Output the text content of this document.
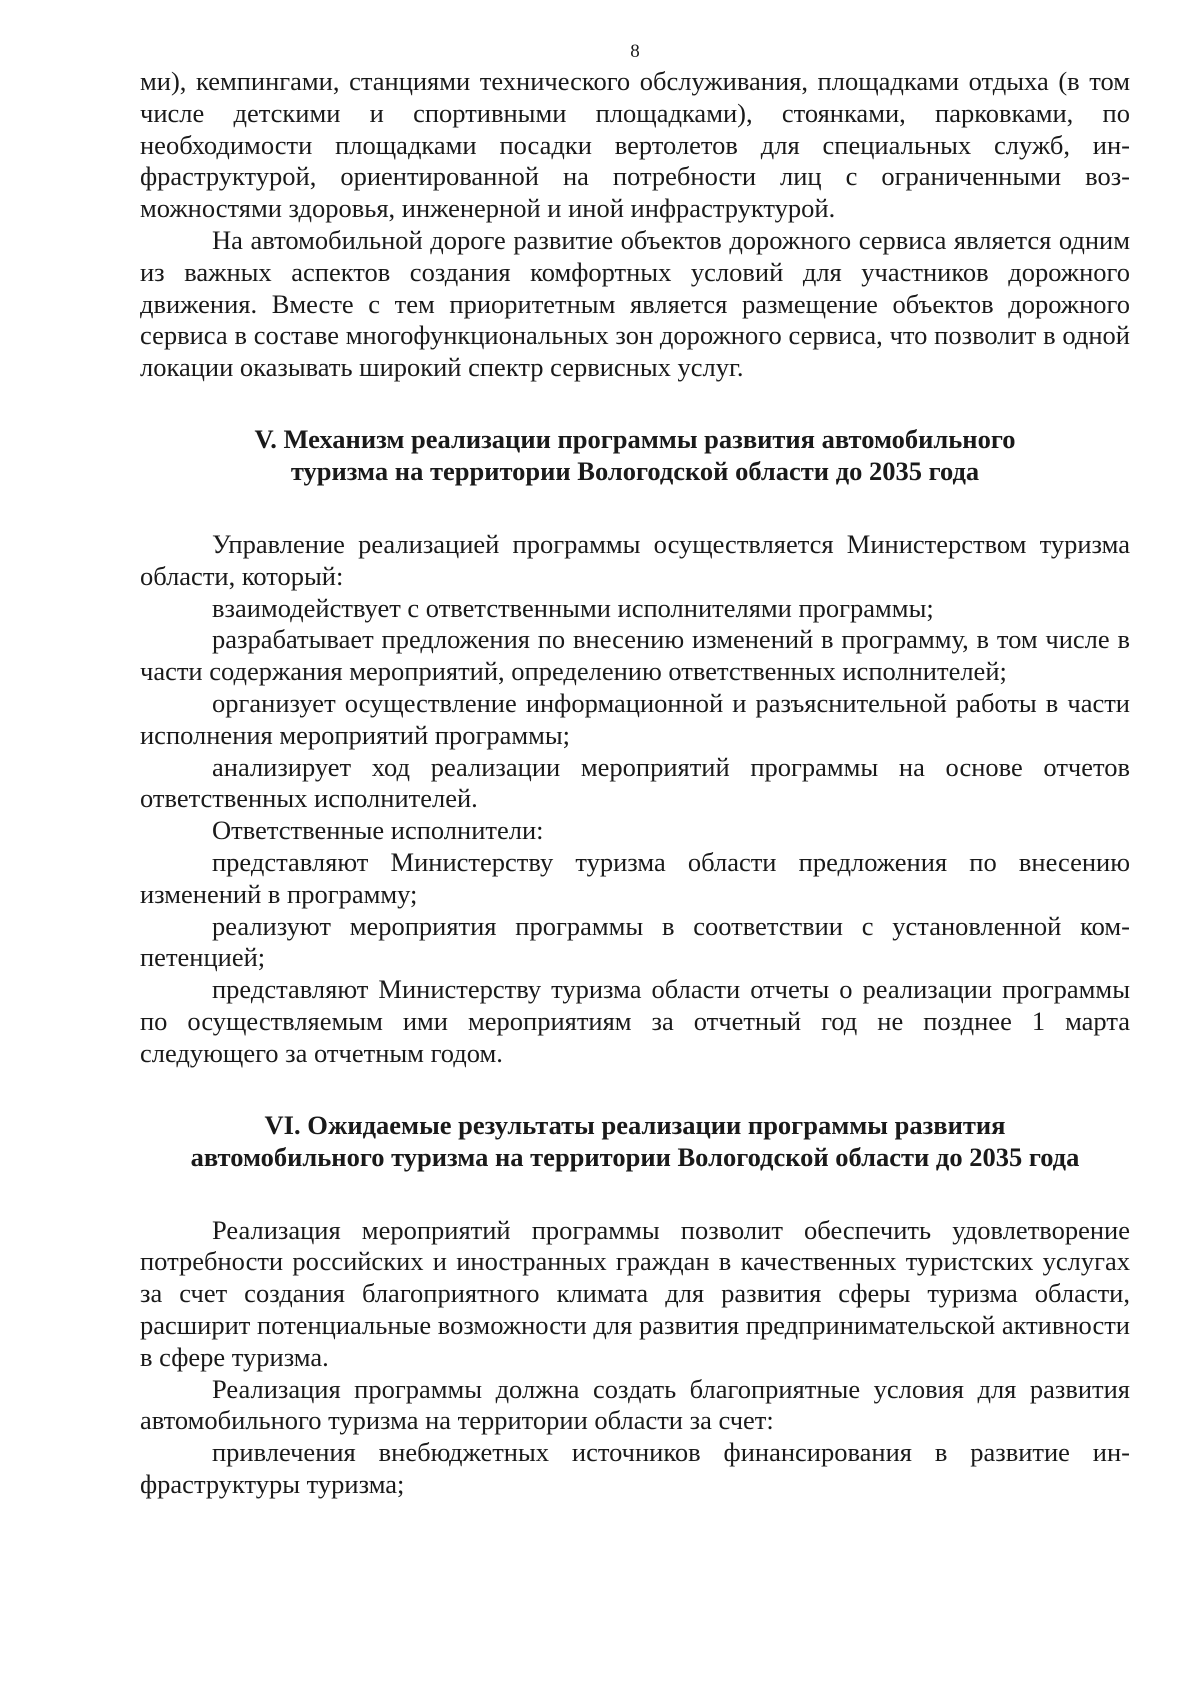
8

ми), кемпингами, станциями технического обслуживания, площадками отдыха (в том числе детскими и спортивными площадками), стоянками, парковками, по необходимости площадками посадки вертолетов для специальных служб, инфраструктурой, ориентированной на потребности лиц с ограниченными возможностями здоровья, инженерной и иной инфраструктурой.

На автомобильной дороге развитие объектов дорожного сервиса является одним из важных аспектов создания комфортных условий для участников дорожного движения. Вместе с тем приоритетным является размещение объектов дорожного сервиса в составе многофункциональных зон дорожного сервиса, что позволит в одной локации оказывать широкий спектр сервисных услуг.

V. Механизм реализации программы развития автомобильного

туризма на территории Вологодской области до 2035 года

Управление реализацией программы осуществляется Министерством туризма области, который:

взаимодействует с ответственными исполнителями программы;

разрабатывает предложения по внесению изменений в программу, в том числе в части содержания мероприятий, определению ответственных исполнителей;

организует осуществление информационной и разъяснительной работы в части исполнения мероприятий программы;

анализирует ход реализации мероприятий программы на основе отчетов ответственных исполнителей.

Ответственные исполнители:

представляют Министерству туризма области предложения по внесению изменений в программу;

реализуют мероприятия программы в соответствии с установленной компетенцией;

представляют Министерству туризма области отчеты о реализации программы по осуществляемым ими мероприятиям за отчетный год не позднее 1 марта следующего за отчетным годом.

VI. Ожидаемые результаты реализации программы развития

автомобильного туризма на территории Вологодской области до 2035 года

Реализация мероприятий программы позволит обеспечить удовлетворение потребности российских и иностранных граждан в качественных туристских услугах за счет создания благоприятного климата для развития сферы туризма области, расширит потенциальные возможности для развития предпринимательской активности в сфере туризма.

Реализация программы должна создать благоприятные условия для развития автомобильного туризма на территории области за счет:

привлечения внебюджетных источников финансирования в развитие инфраструктуры туризма;
